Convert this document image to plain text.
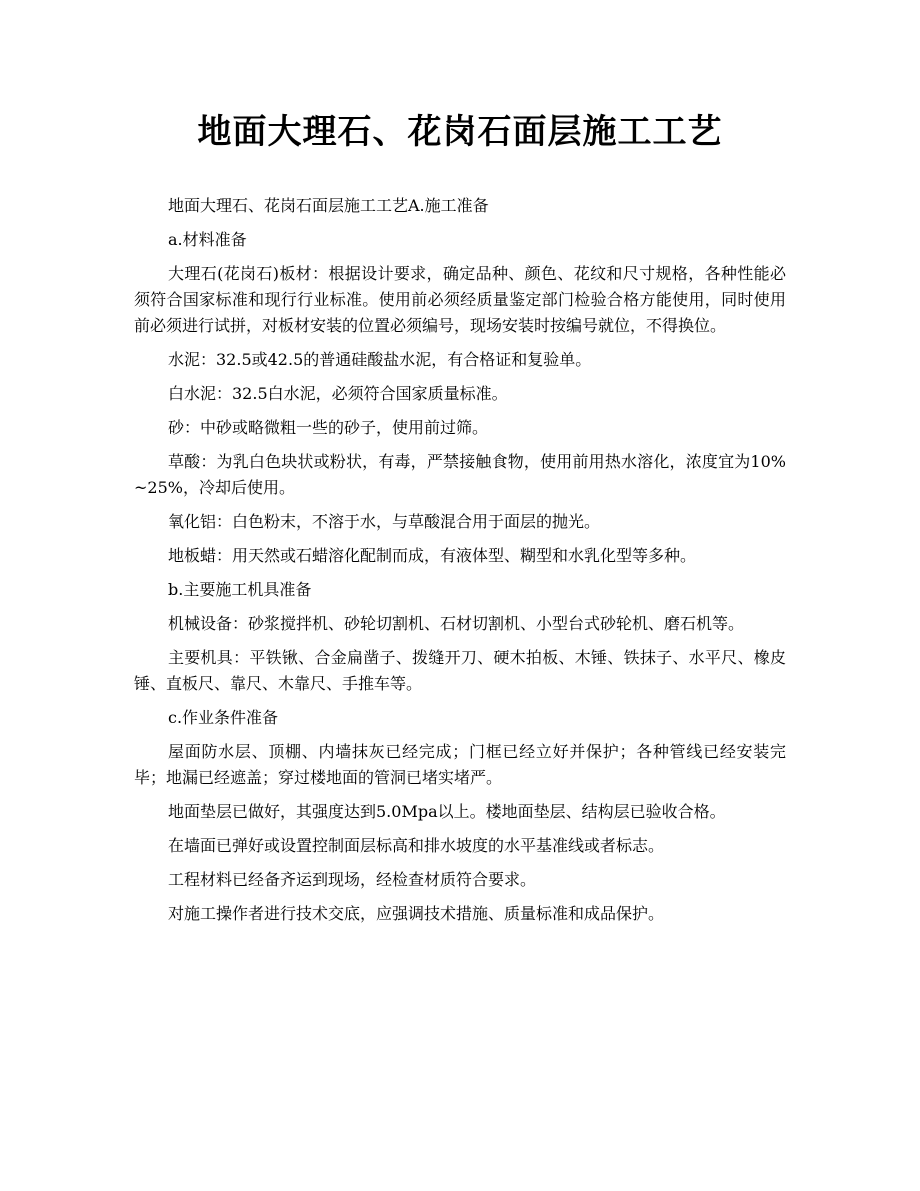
地面大理石、花岗石面层施工工艺

地面大理石、花岗石面层施工工艺A.施工准备

a.材料准备

大理石(花岗石)板材：根据设计要求，确定品种、颜色、花纹和尺寸规格，各种性能必须符合国家标准和现行行业标准。使用前必须经质量鉴定部门检验合格方能使用，同时使用前必须进行试拼，对板材安装的位置必须编号，现场安装时按编号就位，不得换位。

水泥：32.5或42.5的普通硅酸盐水泥，有合格证和复验单。

白水泥：32.5白水泥，必须符合国家质量标准。

砂：中砂或略微粗一些的砂子，使用前过筛。

草酸：为乳白色块状或粉状，有毒，严禁接触食物，使用前用热水溶化，浓度宜为10%~25%，冷却后使用。

氧化铝：白色粉末，不溶于水，与草酸混合用于面层的抛光。

地板蜡：用天然或石蜡溶化配制而成，有液体型、糊型和水乳化型等多种。

b.主要施工机具准备

机械设备：砂浆搅拌机、砂轮切割机、石材切割机、小型台式砂轮机、磨石机等。

主要机具：平铁锹、合金扁凿子、拨缝开刀、硬木拍板、木锤、铁抹子、水平尺、橡皮锤、直板尺、靠尺、木靠尺、手推车等。

c.作业条件准备

屋面防水层、顶棚、内墙抹灰已经完成；门框已经立好并保护；各种管线已经安装完毕；地漏已经遮盖；穿过楼地面的管洞已堵实堵严。

地面垫层已做好，其强度达到5.0Mpa以上。楼地面垫层、结构层已验收合格。

在墙面已弹好或设置控制面层标高和排水坡度的水平基准线或者标志。

工程材料已经备齐运到现场，经检查材质符合要求。

对施工操作者进行技术交底，应强调技术措施、质量标准和成品保护。
